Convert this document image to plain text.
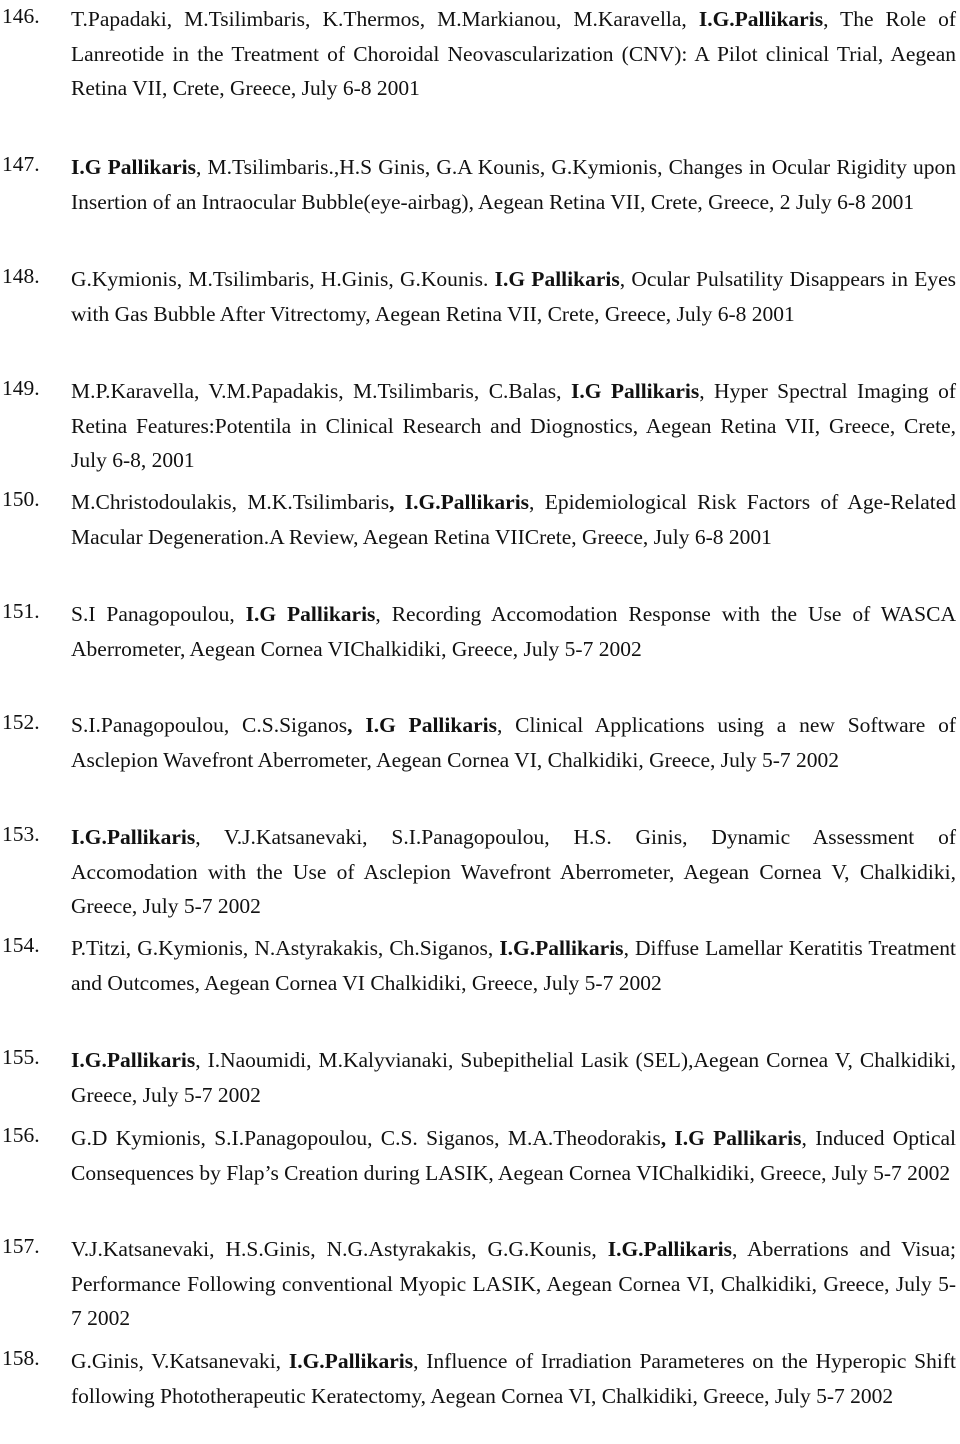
146. T.Papadaki, M.Tsilimbaris, K.Thermos, M.Markianou, M.Karavella, I.G.Pallikaris, The Role of Lanreotide in the Treatment of Choroidal Neovascularization (CNV): A Pilot clinical Trial, Aegean Retina VII, Crete, Greece, July 6-8 2001
147. I.G Pallikaris, M.Tsilimbaris.,H.S Ginis, G.A Kounis, G.Kymionis, Changes in Ocular Rigidity upon Insertion of an Intraocular Bubble(eye-airbag), Aegean Retina VII, Crete, Greece, 2 July 6-8 2001
148. G.Kymionis, M.Tsilimbaris, H.Ginis, G.Kounis. I.G Pallikaris, Ocular Pulsatility Disappears in Eyes with Gas Bubble After Vitrectomy, Aegean Retina VII, Crete, Greece, July 6-8 2001
149. M.P.Karavella, V.M.Papadakis, M.Tsilimbaris, C.Balas, I.G Pallikaris, Hyper Spectral Imaging of Retina Features:Potentila in Clinical Research and Diognostics, Aegean Retina VII, Greece, Crete, July 6-8, 2001
150. M.Christodoulakis, M.K.Tsilimbaris, I.G.Pallikaris, Epidemiological Risk Factors of Age-Related Macular Degeneration.A Review, Aegean Retina VIICrete, Greece, July 6-8 2001
151. S.I Panagopoulou, I.G Pallikaris, Recording Accomodation Response with the Use of WASCA Aberrometer, Aegean Cornea VIChalkidiki, Greece, July 5-7 2002
152. S.I.Panagopoulou, C.S.Siganos, I.G Pallikaris, Clinical Applications using a new Software of Asclepion Wavefront Aberrometer, Aegean Cornea VI, Chalkidiki, Greece, July 5-7 2002
153. I.G.Pallikaris, V.J.Katsanevaki, S.I.Panagopoulou, H.S. Ginis, Dynamic Assessment of Accomodation with the Use of Asclepion Wavefront Aberrometer, Aegean Cornea V, Chalkidiki, Greece, July 5-7 2002
154. P.Titzi, G.Kymionis, N.Astyrakakis, Ch.Siganos, I.G.Pallikaris, Diffuse Lamellar Keratitis Treatment and Outcomes, Aegean Cornea VI Chalkidiki, Greece, July 5-7 2002
155. I.G.Pallikaris, I.Naoumidi, M.Kalyvianaki, Subepithelial Lasik (SEL),Aegean Cornea V, Chalkidiki, Greece, July 5-7 2002
156. G.D Kymionis, S.I.Panagopoulou, C.S. Siganos, M.A.Theodorakis, I.G Pallikaris, Induced Optical Consequences by Flap’s Creation during LASIK, Aegean Cornea VIChalkidiki, Greece, July 5-7 2002
157. V.J.Katsanevaki, H.S.Ginis, N.G.Astyrakakis, G.G.Kounis, I.G.Pallikaris, Aberrations and Visua; Performance Following conventional Myopic LASIK, Aegean Cornea VI, Chalkidiki, Greece, July 5-7 2002
158. G.Ginis, V.Katsanevaki, I.G.Pallikaris, Influence of Irradiation Parameteres on the Hyperopic Shift following Phototherapeutic Keratectomy, Aegean Cornea VI, Chalkidiki, Greece, July 5-7 2002
